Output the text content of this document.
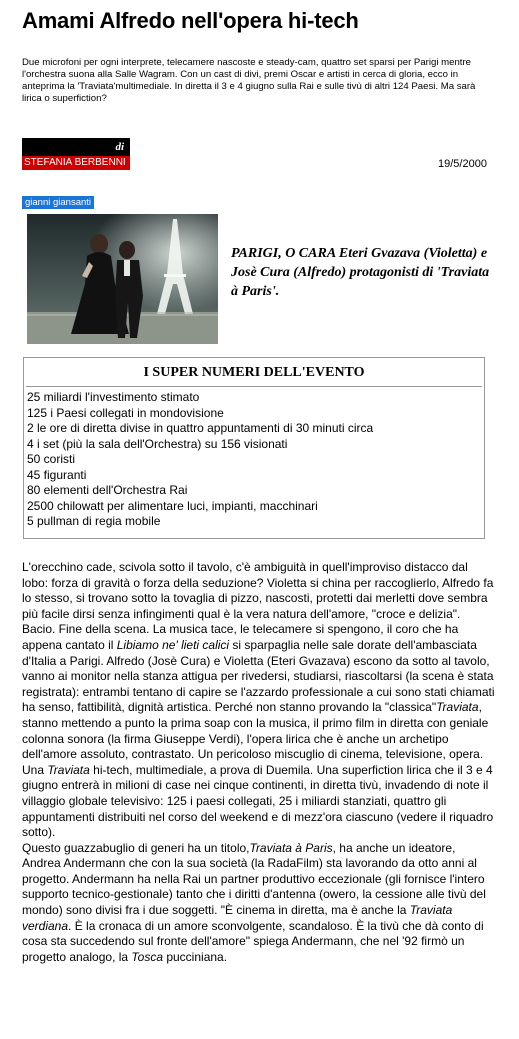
Amami Alfredo nell'opera hi-tech
Due microfoni per ogni interprete, telecamere nascoste e steady-cam, quattro set sparsi per Parigi mentre l'orchestra suona alla Salle Wagram. Con un cast di divi, premi Oscar e artisti in cerca di gloria, ecco in anteprima la 'Traviata'multimediale. In diretta il 3 e 4 giugno sulla Rai e sulle tivù di altri 124 Paesi. Ma sarà lirica o superfiction?
di
STEFANIA BERBENNI	19/5/2000
gianni giansanti
PARIGI, O CARA Eteri Gvazava (Violetta) e Josè Cura (Alfredo) protagonisti di 'Traviata à Paris'.
I SUPER NUMERI DELL'EVENTO
25 miliardi l'investimento stimato
125 i Paesi collegati in mondovisione
2 le ore di diretta divise in quattro appuntamenti di 30 minuti circa
4 i set (più la sala dell'Orchestra) su 156 visionati
50 coristi
45 figuranti
80 elementi dell'Orchestra Rai
2500 chilowatt per alimentare luci, impianti, macchinari
5 pullman di regia mobile

L'orecchino cade, scivola sotto il tavolo, c'è ambiguità in quell'improviso distacco dal lobo: forza di gravità o forza della seduzione? Violetta si china per raccoglierlo, Alfredo fa lo stesso, si trovano sotto la tovaglia di pizzo, nascosti, protetti dai merletti dove sembra più facile dirsi senza infingimenti qual è la vera natura dell'amore, "croce e delizia". Bacio. Fine della scena. La musica tace, le telecamere si spengono, il coro che ha appena cantato il Libiamo ne' lieti calici si sparpaglia nelle sale dorate dell'ambasciata d'Italia a Parigi. Alfredo (Josè Cura) e Violetta (Eteri Gvazava) escono da sotto al tavolo, vanno ai monitor nella stanza attigua per rivedersi, studiarsi, riascoltarsi (la scena è stata registrata): entrambi tentano di capire se l'azzardo professionale a cui sono stati chiamati ha senso, fattibilità, dignità artistica. Perché non stanno provando la "classica"Traviata, stanno mettendo a punto la prima soap con la musica, il primo film in diretta con geniale colonna sonora (la firma Giuseppe Verdi), l'opera lirica che è anche un archetipo dell'amore assoluto, contrastato. Un pericoloso miscuglio di cinema, televisione, opera. Una Traviata hi-tech, multimediale, a prova di Duemila. Una superfiction lirica che il 3 e 4 giugno entrerà in milioni di case nei cinque continenti, in diretta tivù, invadendo di note il villaggio globale televisivo: 125 i paesi collegati, 25 i miliardi stanziati, quattro gli appuntamenti distribuiti nel corso del weekend e di mezz'ora ciascuno (vedere il riquadro sotto).

Questo guazzabuglio di generi ha un titolo,Traviata à Paris, ha anche un ideatore, Andrea Andermann che con la sua società (la RadaFilm) sta lavorando da otto anni al progetto. Andermann ha nella Rai un partner produttivo eccezionale (gli fornisce l'intero supporto tecnico-gestionale) tanto che i diritti d'antenna (owero, la cessione alle tivù del mondo) sono divisi fra i due soggetti. "È cinema in diretta, ma è anche la Traviata verdiana. È la cronaca di un amore sconvolgente, scandaloso. È la tivù che dà conto di cosa sta succedendo sul fronte dell'amore" spiega Andermann, che nel '92 firmò un progetto analogo, la Tosca pucciniana.
